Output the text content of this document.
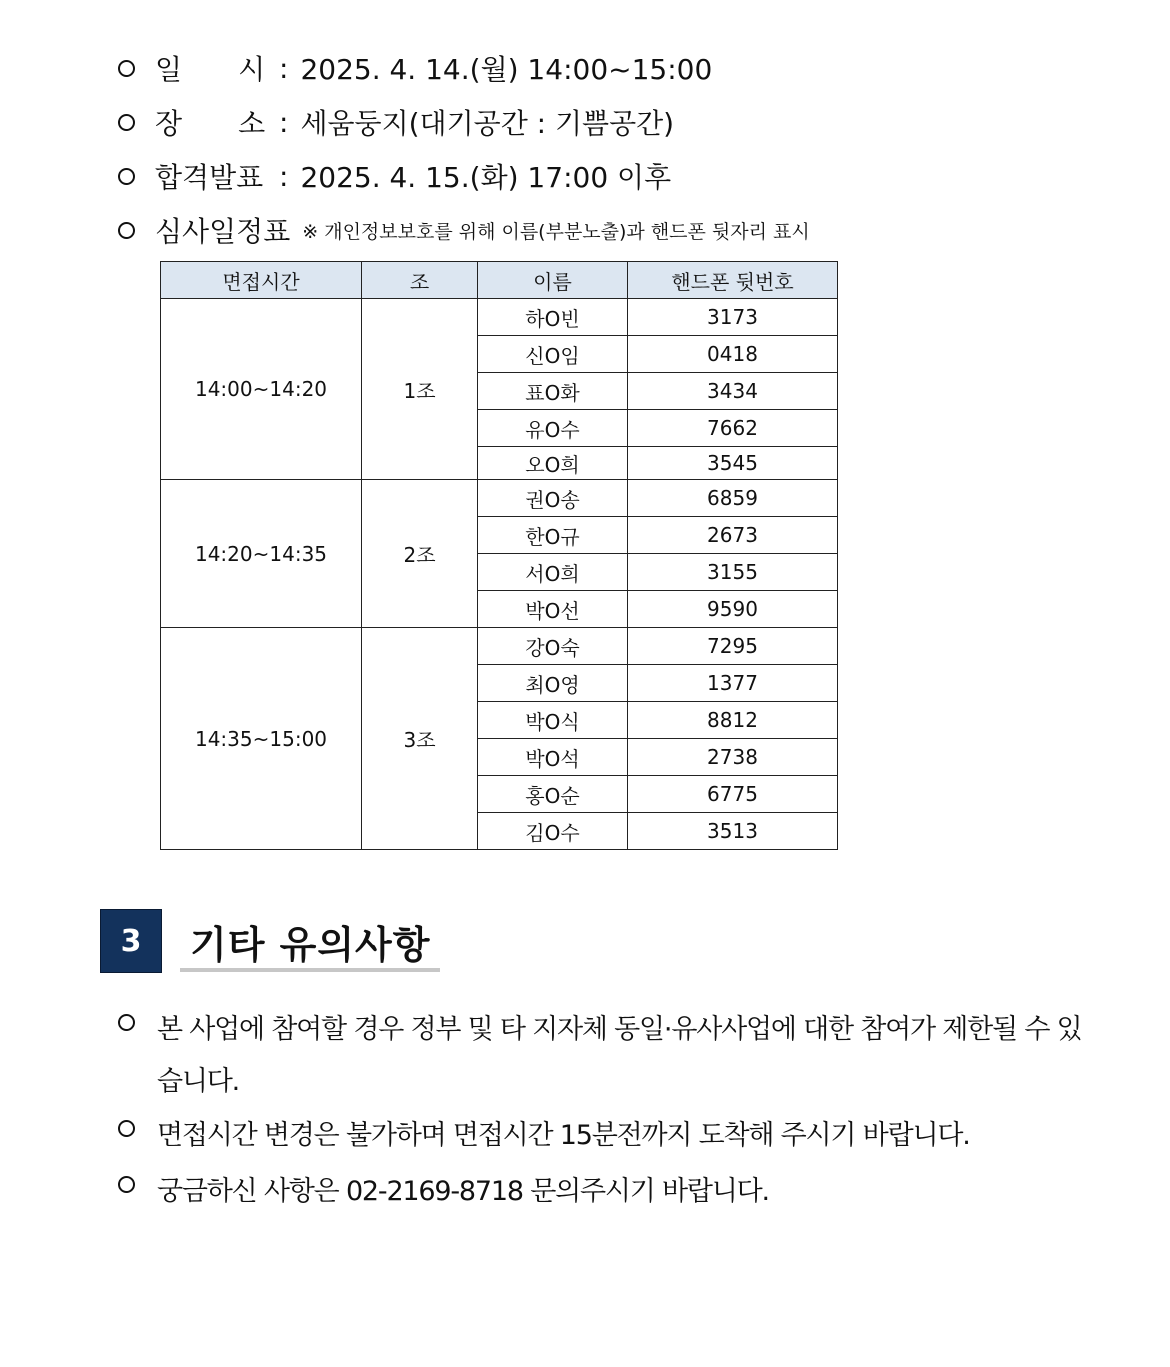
일 시 : 2025. 4. 14.(월) 14:00~15:00
장 소 : 세움둥지(대기공간 : 기쁨공간)
합격발표 : 2025. 4. 15.(화) 17:00 이후
심사일정표 ※ 개인정보보호를 위해 이름(부분노출)과 핸드폰 뒷자리 표시
면접시간	조	이름	핸드폰 뒷번호
14:00~14:20	1조	하O빈	3173
		신O임	0418
		표O화	3434
		유O수	7662
		오O희	3545
14:20~14:35	2조	권O송	6859
		한O규	2673
		서O희	3155
		박O선	9590
14:35~15:00	3조	강O숙	7295
		최O영	1377
		박O식	8812
		박O석	2738
		홍O순	6775
		김O수	3513
3	기타 유의사항
본 사업에 참여할 경우 정부 및 타 지자체 동일·유사사업에 대한 참여가 제한될 수 있
습니다.
면접시간 변경은 불가하며 면접시간 15분전까지 도착해 주시기 바랍니다.
궁금하신 사항은 02-2169-8718 문의주시기 바랍니다.
